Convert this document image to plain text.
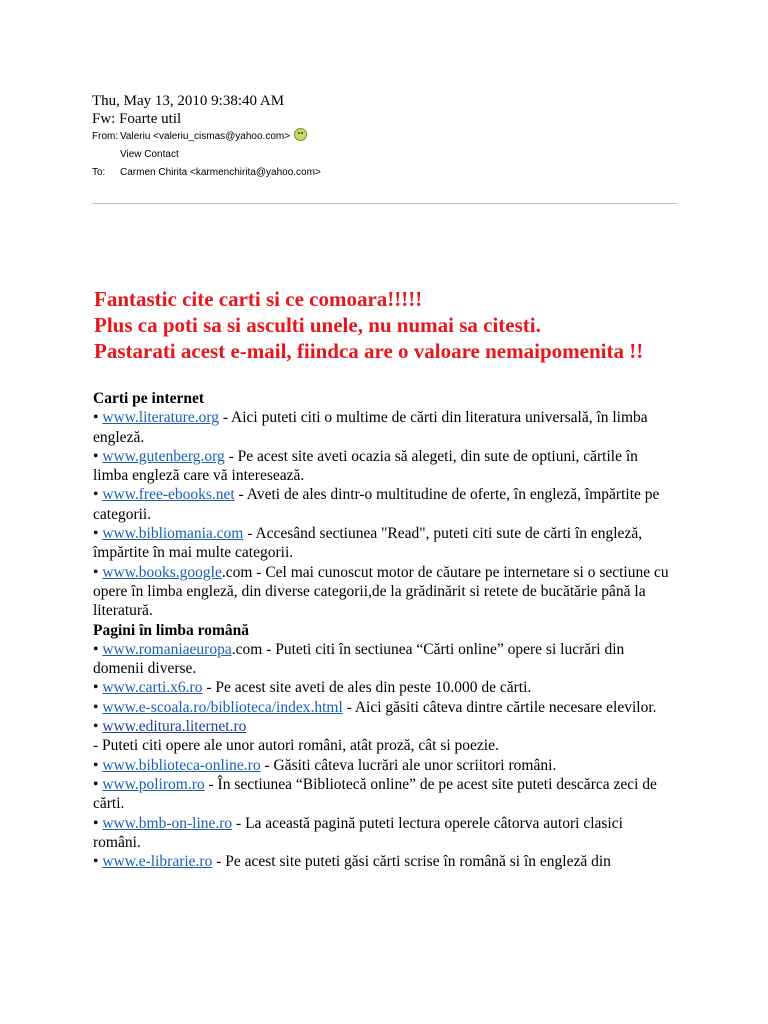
Thu, May 13, 2010 9:38:40 AM
Fw: Foarte util
From: Valeriu <valeriu_cismas@yahoo.com>
View Contact
To:	Carmen Chirita <karmenchirita@yahoo.com>

Fantastic cite carti si ce comoara!!!!!

Plus ca poti sa si asculti unele, nu numai sa citesti.

Pastarati acest e-mail, fiindca are o valoare nemaipomenita !!

Carti pe internet

• www.literature.org - Aici puteti citi o multime de cărti din literatura universală, în limba engleză.

• www.gutenberg.org - Pe acest site aveti ocazia să alegeti, din sute de optiuni, cărtile în limba engleză care vă interesează.

• www.free-ebooks.net - Aveti de ales dintr-o multitudine de oferte, în engleză, împărtite pe categorii.

• www.bibliomania.com - Accesând sectiunea "Read", puteti citi sute de cărti în engleză, împărtite în mai multe categorii.

• www.books.google.com - Cel mai cunoscut motor de căutare pe internetare si o sectiune cu opere în limba engleză, din diverse categorii,de la grădinărit si retete de bucătărie până la literatură.

Pagini în limba română

• www.romaniaeuropa.com - Puteti citi în sectiunea “Cărti online” opere si lucrări din domenii diverse.

• www.carti.x6.ro - Pe acest site aveti de ales din peste 10.000 de cărti.

• www.e-scoala.ro/biblioteca/index.html - Aici găsiti câteva dintre cărtile necesare elevilor.

• www.editura.liternet.ro

- Puteti citi opere ale unor autori români, atât proză, cât si poezie.

• www.biblioteca-online.ro - Găsiti câteva lucrări ale unor scriitori români.

• www.polirom.ro - În sectiunea “Bibliotecă online” de pe acest site puteti descărca zeci de cărti.

• www.bmb-on-line.ro - La această pagină puteti lectura operele câtorva autori clasici români.

• www.e-librarie.ro - Pe acest site puteti găsi cărti scrise în română si în engleză din
